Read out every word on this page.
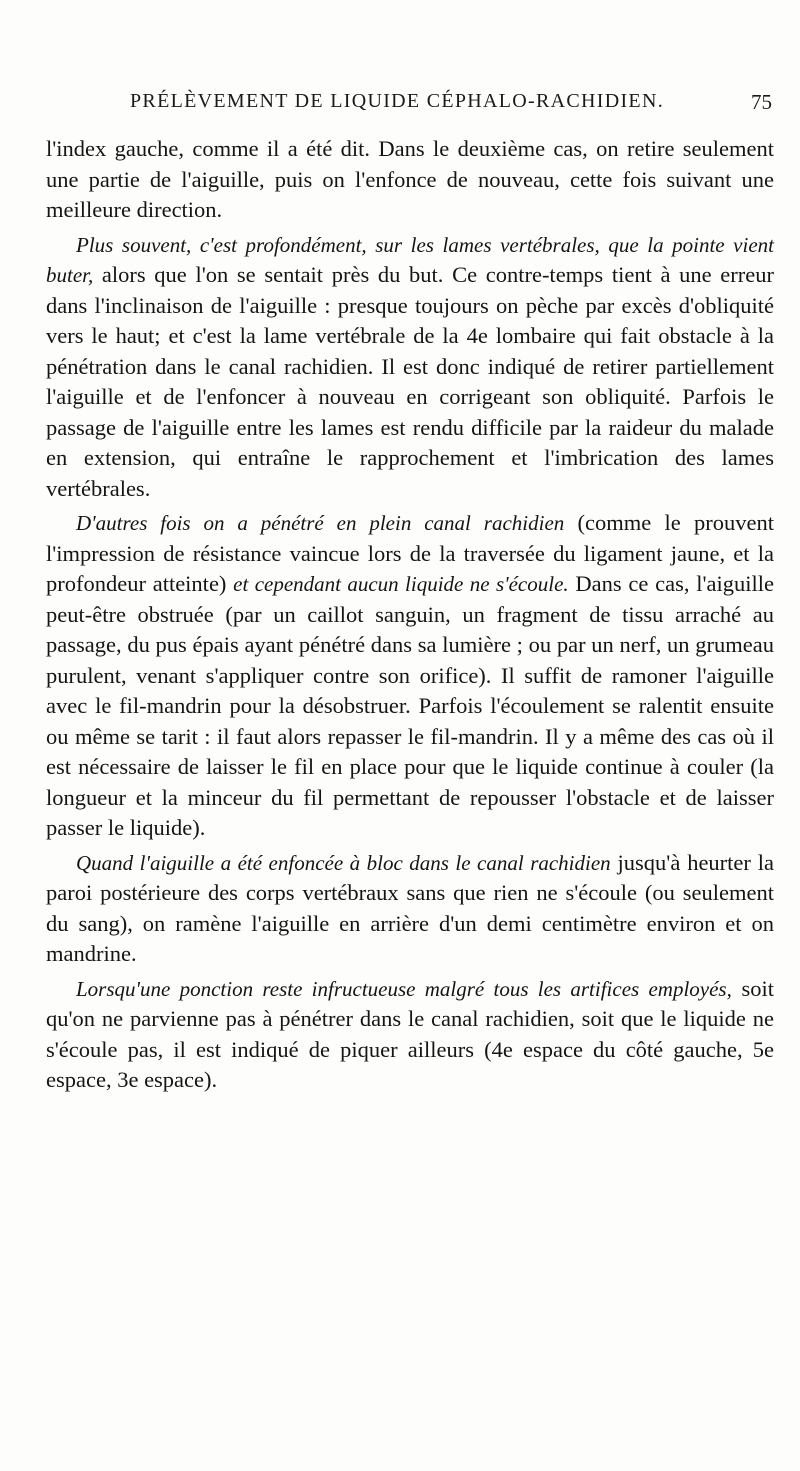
PRÉLÈVEMENT DE LIQUIDE CÉPHALO-RACHIDIEN.	75

l'index gauche, comme il a été dit. Dans le deuxième cas, on retire seulement une partie de l'aiguille, puis on l'enfonce de nouveau, cette fois suivant une meilleure direction.

Plus souvent, c'est profondément, sur les lames vertébrales, que la pointe vient buter, alors que l'on se sentait près du but. Ce contre-temps tient à une erreur dans l'inclinaison de l'aiguille : presque toujours on pèche par excès d'obliquité vers le haut; et c'est la lame vertébrale de la 4e lombaire qui fait obstacle à la pénétration dans le canal rachidien. Il est donc indiqué de retirer partiellement l'aiguille et de l'enfoncer à nouveau en corrigeant son obliquité. Parfois le passage de l'aiguille entre les lames est rendu difficile par la raideur du malade en extension, qui entraîne le rapprochement et l'imbrication des lames vertébrales.

D'autres fois on a pénétré en plein canal rachidien (comme le prouvent l'impression de résistance vaincue lors de la traversée du ligament jaune, et la profondeur atteinte) et cependant aucun liquide ne s'écoule. Dans ce cas, l'aiguille peut-être obstruée (par un caillot sanguin, un fragment de tissu arraché au passage, du pus épais ayant pénétré dans sa lumière ; ou par un nerf, un grumeau purulent, venant s'appliquer contre son orifice). Il suffit de ramoner l'aiguille avec le fil-mandrin pour la désobstruer. Parfois l'écoulement se ralentit ensuite ou même se tarit : il faut alors repasser le fil-mandrin. Il y a même des cas où il est nécessaire de laisser le fil en place pour que le liquide continue à couler (la longueur et la minceur du fil permettant de repousser l'obstacle et de laisser passer le liquide).

Quand l'aiguille a été enfoncée à bloc dans le canal rachidien jusqu'à heurter la paroi postérieure des corps vertébraux sans que rien ne s'écoule (ou seulement du sang), on ramène l'aiguille en arrière d'un demi centimètre environ et on mandrine.

Lorsqu'une ponction reste infructueuse malgré tous les artifices employés, soit qu'on ne parvienne pas à pénétrer dans le canal rachidien, soit que le liquide ne s'écoule pas, il est indiqué de piquer ailleurs (4e espace du côté gauche, 5e espace, 3e espace).
